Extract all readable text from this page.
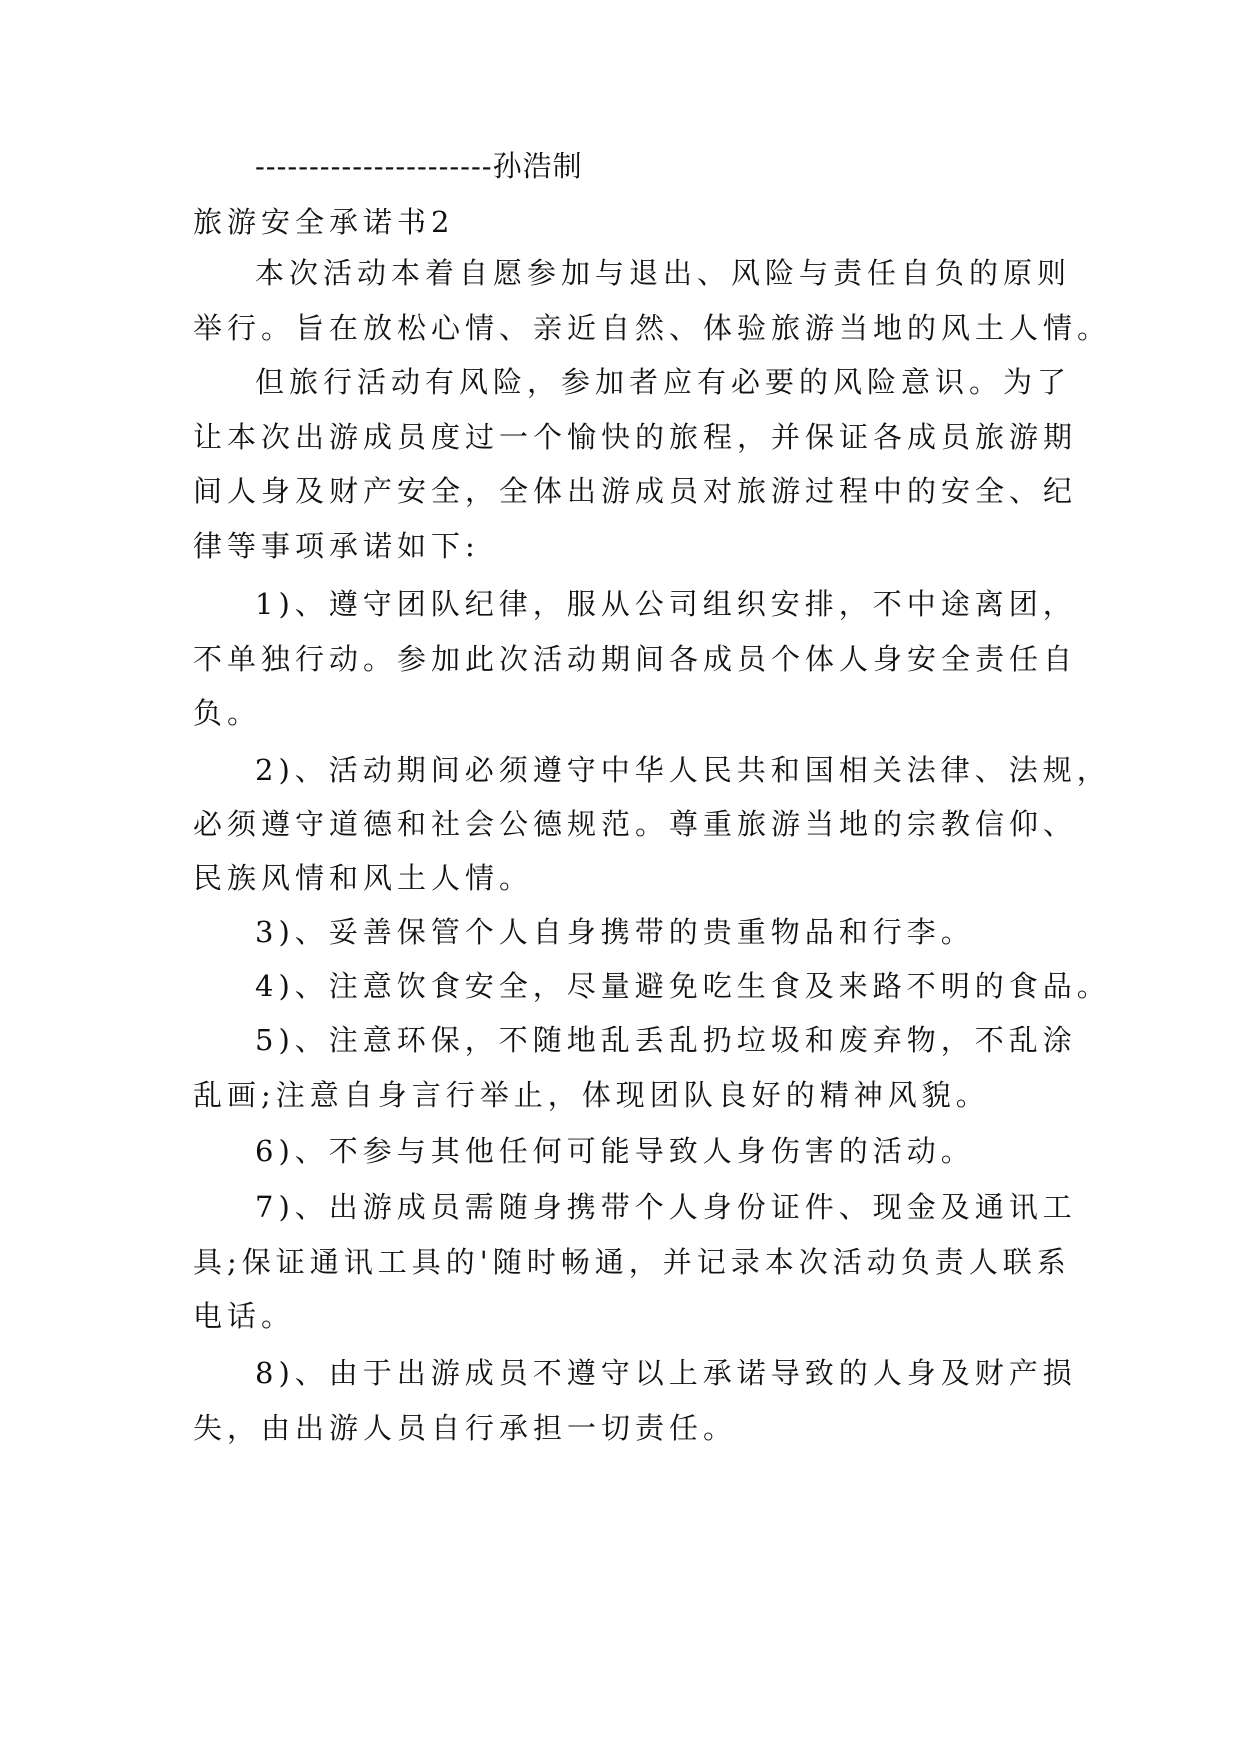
----------------------孙浩制
旅游安全承诺书2
本次活动本着自愿参加与退出、风险与责任自负的原则
举行。旨在放松心情、亲近自然、体验旅游当地的风土人情。
但旅行活动有风险，参加者应有必要的风险意识。为了
让本次出游成员度过一个愉快的旅程，并保证各成员旅游期
间人身及财产安全，全体出游成员对旅游过程中的安全、纪
律等事项承诺如下:
1)、遵守团队纪律，服从公司组织安排，不中途离团，
不单独行动。参加此次活动期间各成员个体人身安全责任自
负。
2)、活动期间必须遵守中华人民共和国相关法律、法规，
必须遵守道德和社会公德规范。尊重旅游当地的宗教信仰、
民族风情和风土人情。
3)、妥善保管个人自身携带的贵重物品和行李。
4)、注意饮食安全，尽量避免吃生食及来路不明的食品。
5)、注意环保，不随地乱丢乱扔垃圾和废弃物，不乱涂
乱画;注意自身言行举止，体现团队良好的精神风貌。
6)、不参与其他任何可能导致人身伤害的活动。
7)、出游成员需随身携带个人身份证件、现金及通讯工
具;保证通讯工具的'随时畅通，并记录本次活动负责人联系
电话。
8)、由于出游成员不遵守以上承诺导致的人身及财产损
失，由出游人员自行承担一切责任。
